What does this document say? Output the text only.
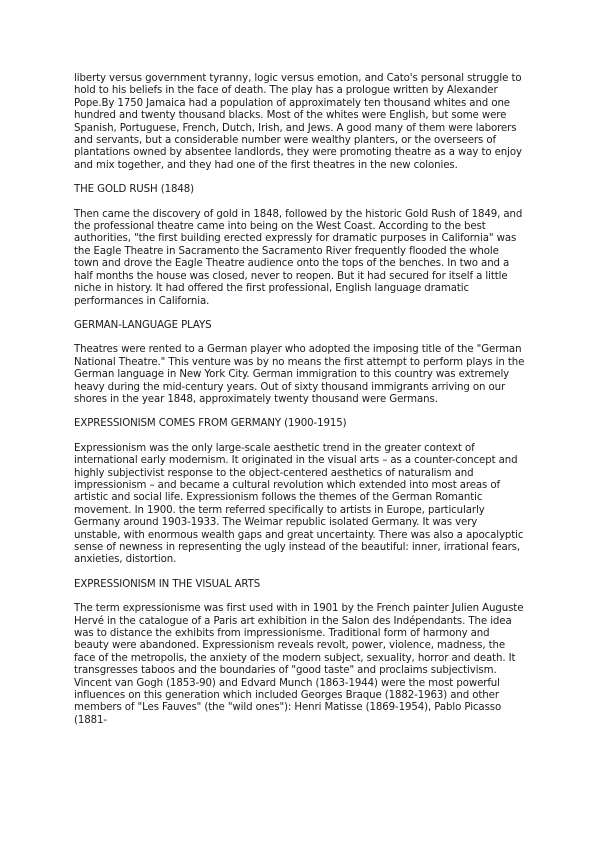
liberty versus government tyranny, logic versus emotion, and Cato's personal struggle to hold to his beliefs in the face of death. The play has a prologue written by Alexander Pope.By 1750 Jamaica had a population of approximately ten thousand whites and one hundred and twenty thousand blacks. Most of the whites were English, but some were Spanish, Portuguese, French, Dutch, Irish, and Jews. A good many of them were laborers and servants, but a considerable number were wealthy planters, or the overseers of plantations owned by absentee landlords, they were promoting theatre as a way to enjoy and mix together, and they had one of the first theatres in the new colonies.

THE GOLD RUSH (1848)

Then came the discovery of gold in 1848, followed by the historic Gold Rush of 1849, and the professional theatre came into being on the West Coast. According to the best authorities, "the first building erected expressly for dramatic purposes in California" was the Eagle Theatre in Sacramento the Sacramento River frequently flooded the whole town and drove the Eagle Theatre audience onto the tops of the benches. In two and a half months the house was closed, never to reopen. But it had secured for itself a little niche in history. It had offered the first professional, English language dramatic performances in California.

GERMAN-LANGUAGE PLAYS

Theatres were rented to a German player who adopted the imposing title of the "German National Theatre." This venture was by no means the first attempt to perform plays in the German language in New York City. German immigration to this country was extremely heavy during the mid-century years. Out of sixty thousand immigrants arriving on our shores in the year 1848, approximately twenty thousand were Germans.

EXPRESSIONISM COMES FROM GERMANY (1900-1915)

Expressionism was the only large-scale aesthetic trend in the greater context of international early modernism. It originated in the visual arts – as a counter-concept and highly subjectivist response to the object-centered aesthetics of naturalism and impressionism – and became a cultural revolution which extended into most areas of artistic and social life. Expressionism follows the themes of the German Romantic movement. In 1900. the term referred specifically to artists in Europe, particularly Germany around 1903-1933. The Weimar republic isolated Germany. It was very unstable, with enormous wealth gaps and great uncertainty. There was also a apocalyptic sense of newness in representing the ugly instead of the beautiful: inner, irrational fears, anxieties, distortion.

EXPRESSIONISM IN THE VISUAL ARTS

The term expressionisme was first used with in 1901 by the French painter Julien Auguste Hervé in the catalogue of a Paris art exhibition in the Salon des Indépendants. The idea was to distance the exhibits from impressionisme. Traditional form of harmony and beauty were abandoned. Expressionism reveals revolt, power, violence, madness, the face of the metropolis, the anxiety of the modern subject, sexuality, horror and death. It transgresses taboos and the boundaries of "good taste" and proclaims subjectivism. Vincent van Gogh (1853-90) and Edvard Munch (1863-1944) were the most powerful influences on this generation which included Georges Braque (1882-1963) and other members of "Les Fauves" (the "wild ones"): Henri Matisse (1869-1954), Pablo Picasso (1881-
